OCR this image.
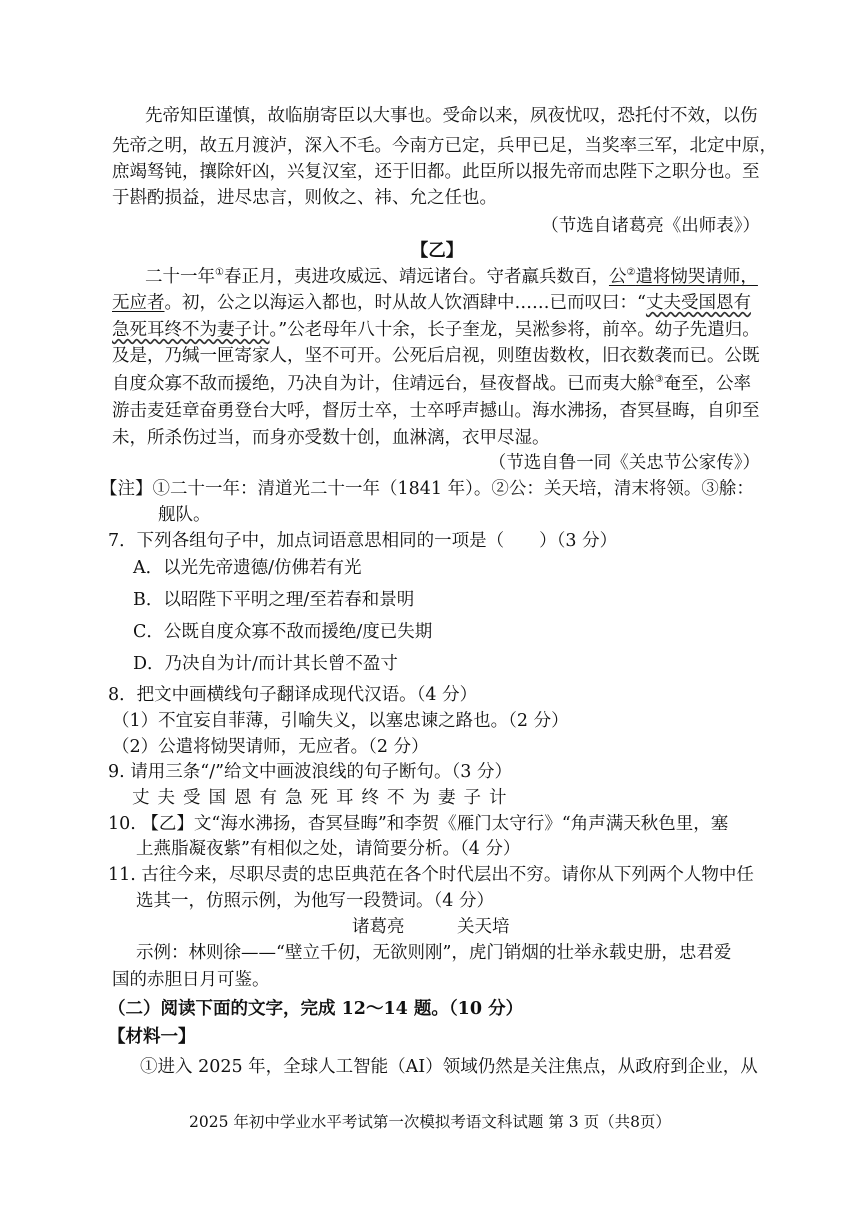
先帝知臣谨慎，故临崩寄臣以大事也。受命以来，夙夜忧叹，恐托付不效，以伤
先帝之明，故五月渡泸，深入不毛。今南方已定，兵甲已足，当奖率三军，北定中原，
庶竭驽钝，攘除奸凶，兴复汉室，还于旧都。此臣所以报先帝而忠陛下之职分也。至
于斟酌损益，进尽忠言，则攸之、祎、允之任也。
（节选自诸葛亮《出师表》）
【乙】
二十一年①春正月，夷进攻威远、靖远诸台。守者羸兵数百，公②遣将恸哭请师，
无应者。初，公之以海运入都也，时从故人饮酒肆中……已而叹曰：“丈夫受国恩有
急死耳终不为妻子计。”公老母年八十余，长子奎龙，吴淞参将，前卒。幼子先遣归。
及是，乃缄一匣寄家人，坚不可开。公死后启视，则堕齿数枚，旧衣数袭而已。公既
自度众寡不敌而援绝，乃决自为计，住靖远台，昼夜督战。已而夷大艅③奄至，公率
游击麦廷章奋勇登台大呼，督厉士卒，士卒呼声撼山。海水沸扬，杳冥昼晦，自卯至
未，所杀伤过当，而身亦受数十创，血淋漓，衣甲尽湿。
（节选自鲁一同《关忠节公家传》）
【注】①二十一年：清道光二十一年（1841 年）。②公：关天培，清末将领。③艅：
舰队。
7．下列各组句子中，加点词语意思相同的一项是（　　）（3 分）
A．以光先帝遗德/仿佛若有光
B．以昭陛下平明之理/至若春和景明
C．公既自度众寡不敌而援绝/度已失期
D．乃决自为计/而计其长曾不盈寸
8．把文中画横线句子翻译成现代汉语。（4 分）
（1）不宜妄自菲薄，引喻失义，以塞忠谏之路也。（2 分）
（2）公遣将恸哭请师，无应者。（2 分）
9. 请用三条“/”给文中画波浪线的句子断句。（3 分）
丈夫受国恩有急死耳终不为妻子计
10. 【乙】文“海水沸扬，杳冥昼晦”和李贺《雁门太守行》“角声满天秋色里，塞
上燕脂凝夜紫”有相似之处，请简要分析。（4 分）
11. 古往今来，尽职尽责的忠臣典范在各个时代层出不穷。请你从下列两个人物中任
选其一，仿照示例，为他写一段赞词。（4 分）
诸葛亮　　　关天培
示例：林则徐——“壁立千仞，无欲则刚”，虎门销烟的壮举永载史册，忠君爱
国的赤胆日月可鉴。
（二）阅读下面的文字，完成 12～14 题。（10 分）
【材料一】
①进入 2025 年，全球人工智能（AI）领域仍然是关注焦点，从政府到企业，从
2025 年初中学业水平考试第一次模拟考语文科试题 第 3 页（共8页）
